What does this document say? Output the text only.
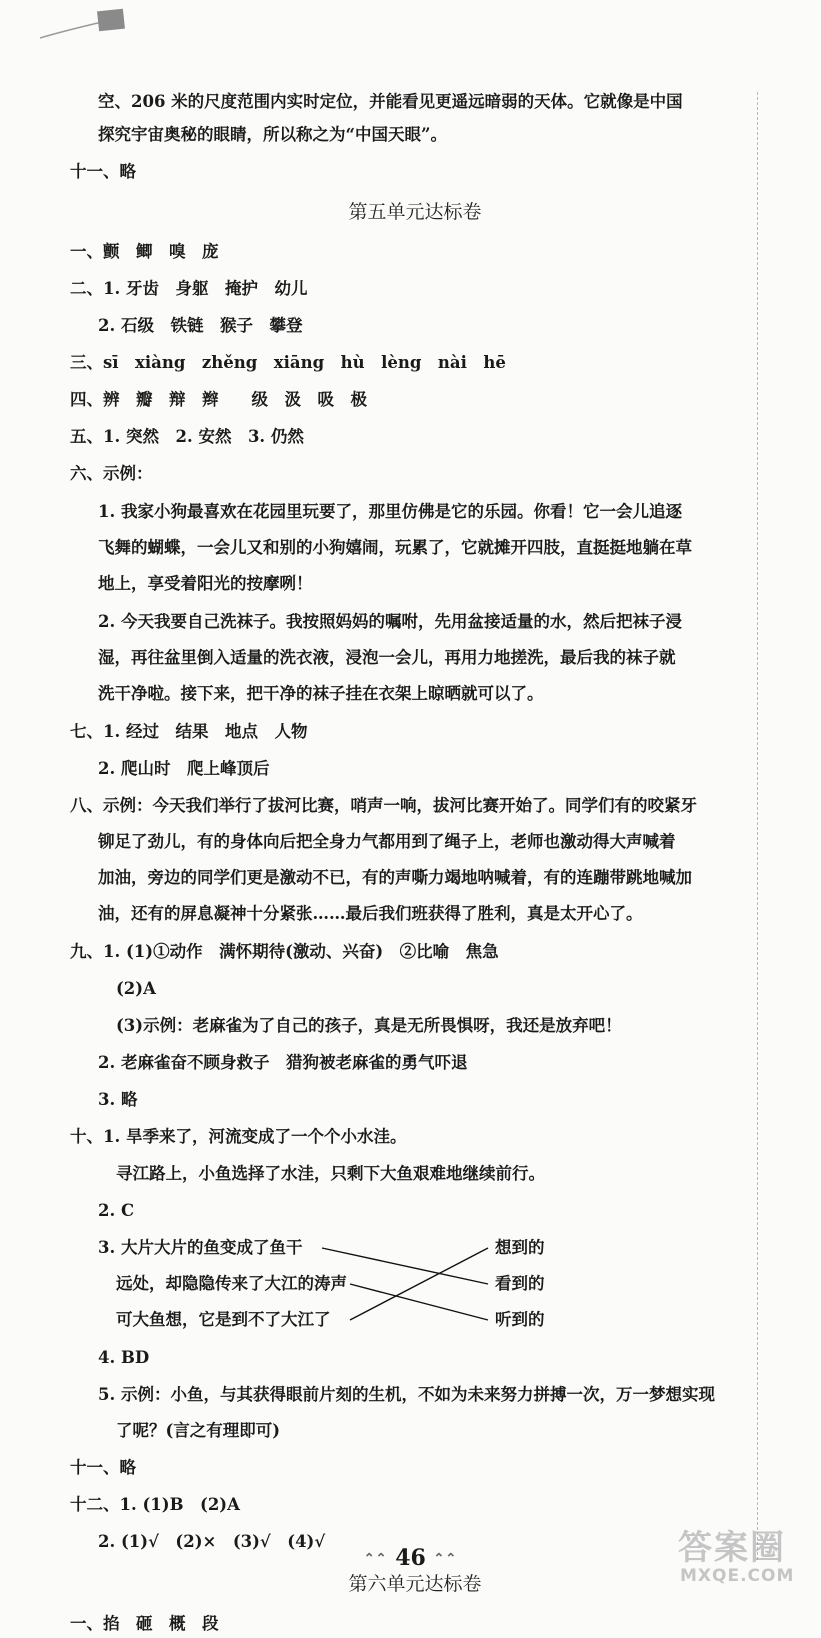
空、206 米的尺度范围内实时定位，并能看见更遥远暗弱的天体。它就像是中国
探究宇宙奥秘的眼睛，所以称之为“中国天眼”。
十一、略
第五单元达标卷
一、颤　鲫　嗅　庞
二、1. 牙齿　身躯　掩护　幼儿
2. 石级　铁链　猴子　攀登
三、sī　xiàng　zhěng　xiāng　hù　lèng　nài　hē
四、辨　瓣　辩　辫　　级　汲　吸　极
五、1. 突然　2. 安然　3. 仍然
六、示例：
1. 我家小狗最喜欢在花园里玩要了，那里仿佛是它的乐园。你看！它一会儿追逐
飞舞的蝴蝶，一会儿又和别的小狗嬉闹，玩累了，它就摊开四肢，直挺挺地躺在草
地上，享受着阳光的按摩咧！
2. 今天我要自己洗袜子。我按照妈妈的嘱咐，先用盆接适量的水，然后把袜子浸
湿，再往盆里倒入适量的洗衣液，浸泡一会儿，再用力地搓洗，最后我的袜子就
洗干净啦。接下来，把干净的袜子挂在衣架上晾晒就可以了。
七、1. 经过　结果　地点　人物
2. 爬山时　爬上峰顶后
八、示例：今天我们举行了拔河比赛，哨声一响，拔河比赛开始了。同学们有的咬紧牙
铆足了劲儿，有的身体向后把全身力气都用到了绳子上，老师也激动得大声喊着
加油，旁边的同学们更是激动不已，有的声嘶力竭地呐喊着，有的连蹦带跳地喊加
油，还有的屏息凝神十分紧张……最后我们班获得了胜利，真是太开心了。
九、1. (1)①动作　满怀期待(激动、兴奋)　②比喻　焦急
(2)A
(3)示例：老麻雀为了自己的孩子，真是无所畏惧呀，我还是放弃吧！
2. 老麻雀奋不顾身救子　猎狗被老麻雀的勇气吓退
3. 略
十、1. 旱季来了，河流变成了一个个小水洼。
寻江路上，小鱼选择了水洼，只剩下大鱼艰难地继续前行。
2. C
3. 大片大片的鱼变成了鱼干
远处，却隐隐传来了大江的涛声
可大鱼想，它是到不了大江了
想到的
看到的
听到的
4. BD
5. 示例：小鱼，与其获得眼前片刻的生机，不如为未来努力拼搏一次，万一梦想实现
了呢？(言之有理即可)
十一、略
十二、1. (1)B　(2)A
2. (1)√　(2)×　(3)√　(4)√
第六单元达标卷
一、掐　砸　概　段
⌃⌃ 46 ⌃⌃	答案圈
MXQE.COM
